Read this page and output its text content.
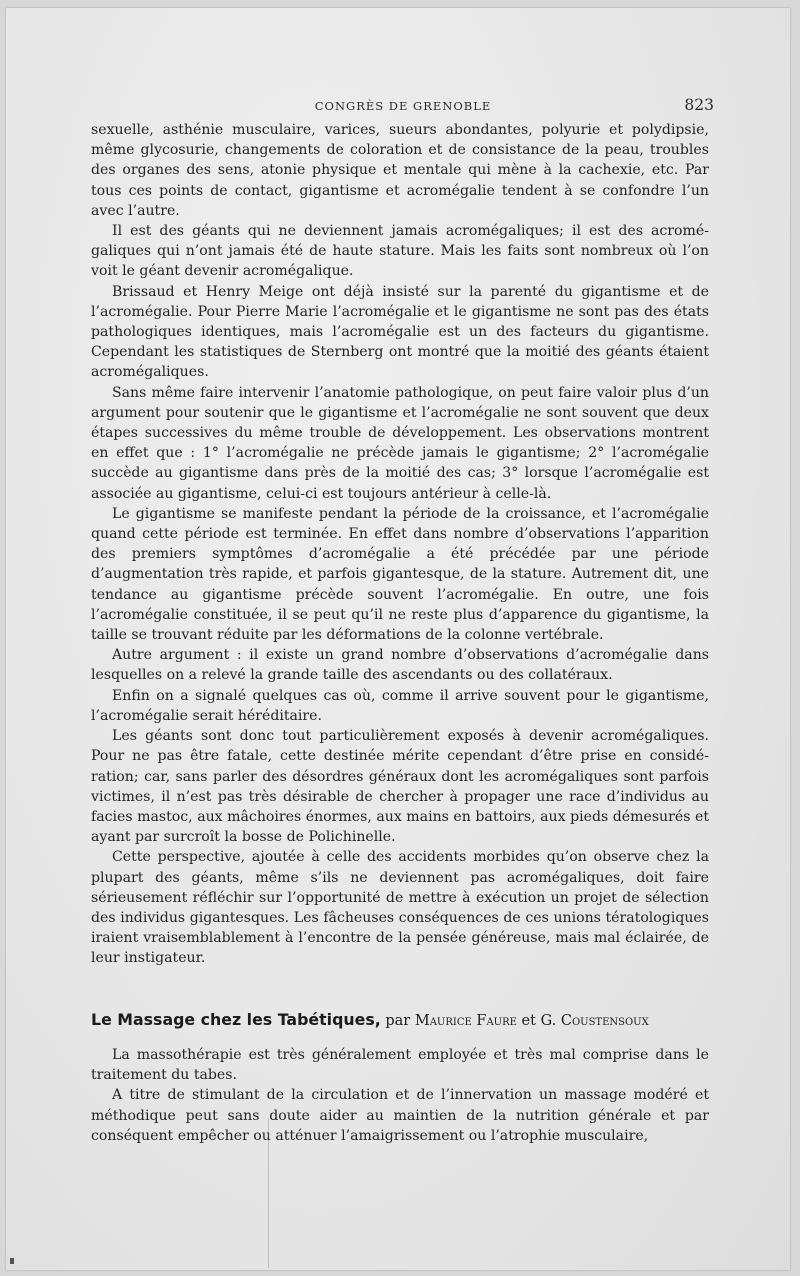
CONGRÈS DE GRENOBLE	823

sexuelle, asthénie musculaire, varices, sueurs abondantes, polyurie et polydipsie, même glycosurie, changements de coloration et de consistance de la peau, troubles des organes des sens, atonie physique et mentale qui mène à la cachexie, etc. Par tous ces points de contact, gigantisme et acromégalie tendent à se confondre l’un avec l’autre.

Il est des géants qui ne deviennent jamais acromégaliques; il est des acromégaliques qui n’ont jamais été de haute stature. Mais les faits sont nombreux où l’on voit le géant devenir acromégalique.

Brissaud et Henry Meige ont déjà insisté sur la parenté du gigantisme et de l’acromégalie. Pour Pierre Marie l’acromégalie et le gigantisme ne sont pas des états pathologiques identiques, mais l’acromégalie est un des facteurs du gigantisme. Cependant les statistiques de Sternberg ont montré que la moitié des géants étaient acromégaliques.

Sans même faire intervenir l’anatomie pathologique, on peut faire valoir plus d’un argument pour soutenir que le gigantisme et l’acromégalie ne sont souvent que deux étapes successives du même trouble de développement. Les observations montrent en effet que : 1° l’acromégalie ne précède jamais le gigantisme; 2° l’acromégalie succède au gigantisme dans près de la moitié des cas; 3° lorsque l’acromégalie est associée au gigantisme, celui-ci est toujours antérieur à celle-là.

Le gigantisme se manifeste pendant la période de la croissance, et l’acromégalie quand cette période est terminée. En effet dans nombre d’observations l’apparition des premiers symptômes d’acromégalie a été précédée par une période d’augmentation très rapide, et parfois gigantesque, de la stature. Autrement dit, une tendance au gigantisme précède souvent l’acromégalie. En outre, une fois l’acromégalie constituée, il se peut qu’il ne reste plus d’apparence du gigantisme, la taille se trouvant réduite par les déformations de la colonne vertébrale.

Autre argument : il existe un grand nombre d’observations d’acromégalie dans lesquelles on a relevé la grande taille des ascendants ou des collatéraux.

Enfin on a signalé quelques cas où, comme il arrive souvent pour le gigantisme, l’acromégalie serait héréditaire.

Les géants sont donc tout particulièrement exposés à devenir acromégaliques. Pour ne pas être fatale, cette destinée mérite cependant d’être prise en considération; car, sans parler des désordres généraux dont les acromégaliques sont parfois victimes, il n’est pas très désirable de chercher à propager une race d’individus au facies mastoc, aux mâchoires énormes, aux mains en battoirs, aux pieds démesurés et ayant par surcroît la bosse de Polichinelle.

Cette perspective, ajoutée à celle des accidents morbides qu’on observe chez la plupart des géants, même s’ils ne deviennent pas acromégaliques, doit faire sérieusement réfléchir sur l’opportunité de mettre à exécution un projet de sélection des individus gigantesques. Les fâcheuses conséquences de ces unions tératologiques iraient vraisemblablement à l’encontre de la pensée généreuse, mais mal éclairée, de leur instigateur.

Le Massage chez les Tabétiques, par Maurice Faure et G. Coustensoux

La massothérapie est très généralement employée et très mal comprise dans le traitement du tabes.

A titre de stimulant de la circulation et de l’innervation un massage modéré et méthodique peut sans doute aider au maintien de la nutrition générale et par conséquent empêcher ou atténuer l’amaigrissement ou l’atrophie musculaire,
